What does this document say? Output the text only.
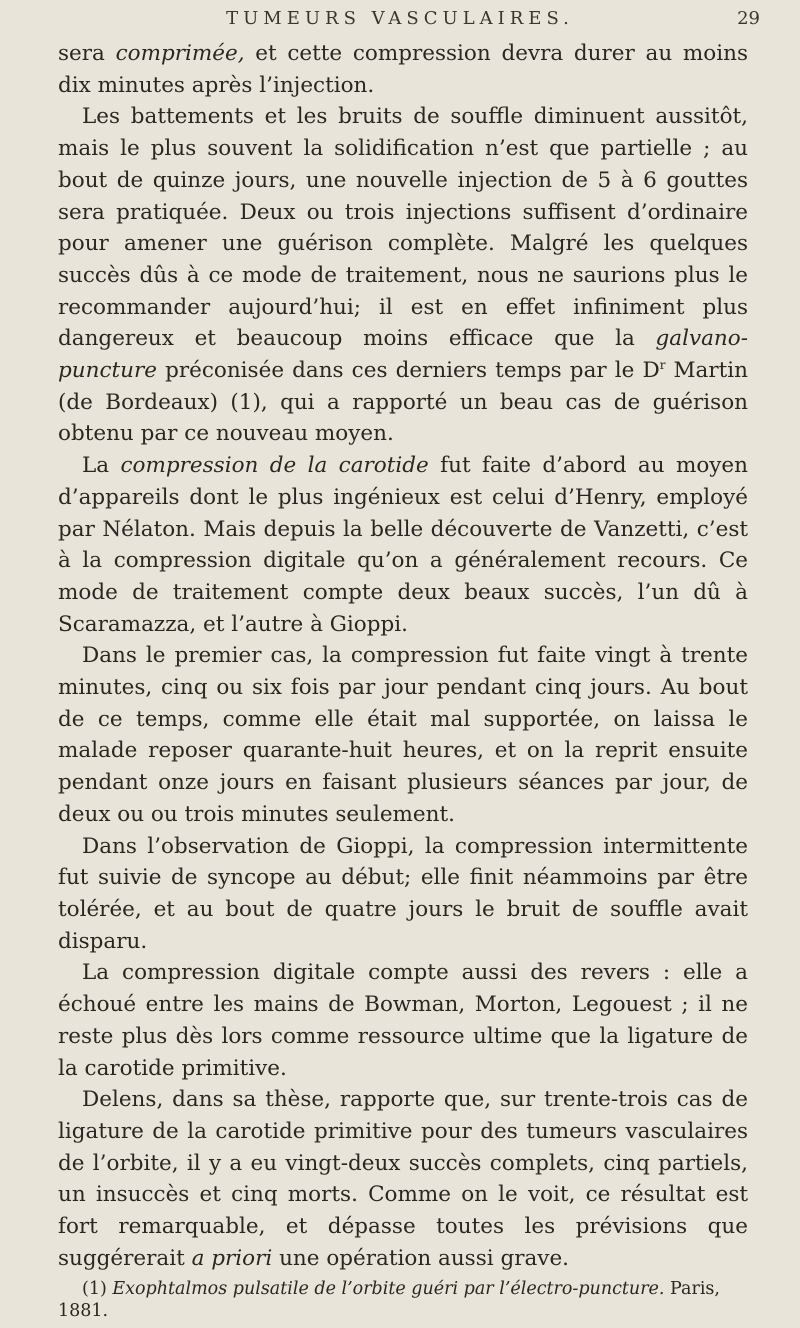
TUMEURS VASCULAIRES.	29

sera comprimée, et cette compression devra durer au moins dix minutes après l’injection.

Les battements et les bruits de souffle diminuent aussitôt, mais le plus souvent la solidification n’est que partielle ; au bout de quinze jours, une nouvelle injection de 5 à 6 gouttes sera pratiquée. Deux ou trois injections suffisent d’ordinaire pour amener une guérison complète. Malgré les quelques succès dûs à ce mode de traitement, nous ne saurions plus le recommander aujourd’hui; il est en effet infiniment plus dangereux et beaucoup moins efficace que la galvano-puncture préconisée dans ces derniers temps par le $D^r$ Martin (de Bordeaux) (1), qui a rapporté un beau cas de guérison obtenu par ce nouveau moyen.

La compression de la carotide fut faite d’abord au moyen d’appareils dont le plus ingénieux est celui d’Henry, employé par Nélaton. Mais depuis la belle découverte de Vanzetti, c’est à la compression digitale qu’on a généralement recours. Ce mode de traitement compte deux beaux succès, l’un dû à Scaramazza, et l’autre à Gioppi.

Dans le premier cas, la compression fut faite vingt à trente minutes, cinq ou six fois par jour pendant cinq jours. Au bout de ce temps, comme elle était mal supportée, on laissa le malade reposer quarante-huit heures, et on la reprit ensuite pendant onze jours en faisant plusieurs séances par jour, de deux ou ou trois minutes seulement.

Dans l’observation de Gioppi, la compression intermittente fut suivie de syncope au début; elle finit néammoins par être tolérée, et au bout de quatre jours le bruit de souffle avait disparu.

La compression digitale compte aussi des revers : elle a échoué entre les mains de Bowman, Morton, Legouest ; il ne reste plus dès lors comme ressource ultime que la ligature de la carotide primitive.

Delens, dans sa thèse, rapporte que, sur trente-trois cas de ligature de la carotide primitive pour des tumeurs vasculaires de l’orbite, il y a eu vingt-deux succès complets, cinq partiels, un insuccès et cinq morts. Comme on le voit, ce résultat est fort remarquable, et dépasse toutes les prévisions que suggérerait a priori une opération aussi grave.

(1) Exophtalmos pulsatile de l’orbite guéri par l’électro-puncture. Paris, 1881.
